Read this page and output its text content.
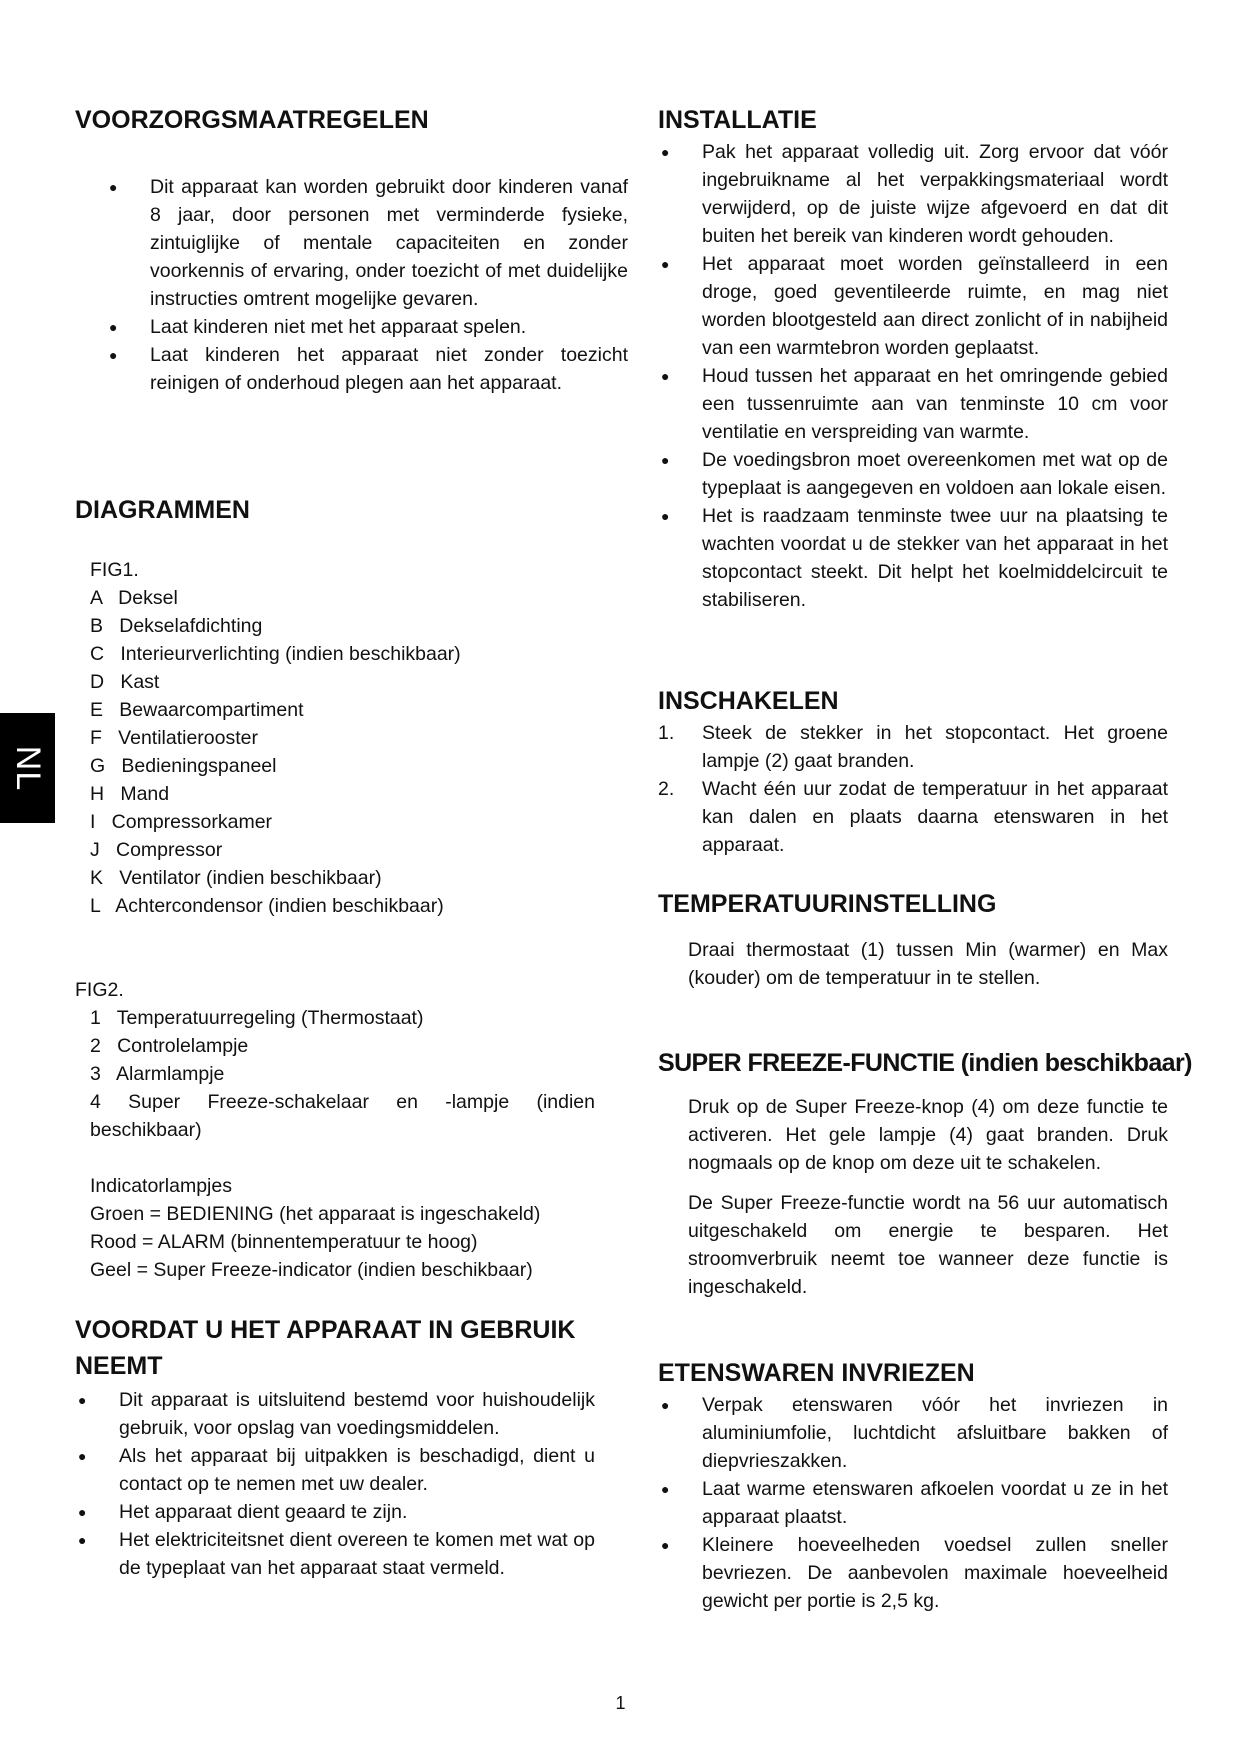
NL
VOORZORGSMAATREGELEN
● Dit apparaat kan worden gebruikt door kinderen vanaf 8 jaar, door personen met verminderde fysieke, zintuiglijke of mentale capaciteiten en zonder voorkennis of ervaring, onder toezicht of met duidelijke instructies omtrent mogelijke gevaren.
● Laat kinderen niet met het apparaat spelen.
● Laat kinderen het apparaat niet zonder toezicht reinigen of onderhoud plegen aan het apparaat.
DIAGRAMMEN
FIG1.
A   Deksel
B   Dekselafdichting
C   Interieurverlichting (indien beschikbaar)
D   Kast
E   Bewaarcompartiment
F   Ventilatierooster
G   Bedieningspaneel
H   Mand
I   Compressorkamer
J   Compressor
K   Ventilator (indien beschikbaar)
L   Achtercondensor (indien beschikbaar)
FIG2.
1   Temperatuurregeling (Thermostaat)
2   Controlelampje
3   Alarmlampje
4 Super Freeze-schakelaar en -lampje (indien beschikbaar)
Indicatorlampjes
Groen = BEDIENING (het apparaat is ingeschakeld)
Rood = ALARM (binnentemperatuur te hoog)
Geel = Super Freeze-indicator (indien beschikbaar)
VOORDAT U HET APPARAAT IN GEBRUIK NEEMT
● Dit apparaat is uitsluitend bestemd voor huishoudelijk gebruik, voor opslag van voedingsmiddelen.
● Als het apparaat bij uitpakken is beschadigd, dient u contact op te nemen met uw dealer.
● Het apparaat dient geaard te zijn.
● Het elektriciteitsnet dient overeen te komen met wat op de typeplaat van het apparaat staat vermeld.
INSTALLATIE
● Pak het apparaat volledig uit. Zorg ervoor dat vóór ingebruikname al het verpakkingsmateriaal wordt verwijderd, op de juiste wijze afgevoerd en dat dit buiten het bereik van kinderen wordt gehouden.
● Het apparaat moet worden geïnstalleerd in een droge, goed geventileerde ruimte, en mag niet worden blootgesteld aan direct zonlicht of in nabijheid van een warmtebron worden geplaatst.
● Houd tussen het apparaat en het omringende gebied een tussenruimte aan van tenminste 10 cm voor ventilatie en verspreiding van warmte.
● De voedingsbron moet overeenkomen met wat op de typeplaat is aangegeven en voldoen aan lokale eisen.
● Het is raadzaam tenminste twee uur na plaatsing te wachten voordat u de stekker van het apparaat in het stopcontact steekt. Dit helpt het koelmiddelcircuit te stabiliseren.
INSCHAKELEN
1. Steek de stekker in het stopcontact. Het groene lampje (2) gaat branden.
2. Wacht één uur zodat de temperatuur in het apparaat kan dalen en plaats daarna etenswaren in het apparaat.
TEMPERATUURINSTELLING

Draai thermostaat (1) tussen Min (warmer) en Max (kouder) om de temperatuur in te stellen.

SUPER FREEZE-FUNCTIE (indien beschikbaar)

Druk op de Super Freeze-knop (4) om deze functie te activeren. Het gele lampje (4) gaat branden. Druk nogmaals op de knop om deze uit te schakelen.

De Super Freeze-functie wordt na 56 uur automatisch uitgeschakeld om energie te besparen. Het stroomverbruik neemt toe wanneer deze functie is ingeschakeld.

ETENSWAREN INVRIEZEN
● Verpak etenswaren vóór het invriezen in aluminiumfolie, luchtdicht afsluitbare bakken of diepvrieszakken.
● Laat warme etenswaren afkoelen voordat u ze in het apparaat plaatst.
● Kleinere hoeveelheden voedsel zullen sneller bevriezen. De aanbevolen maximale hoeveelheid gewicht per portie is 2,5 kg.
1
